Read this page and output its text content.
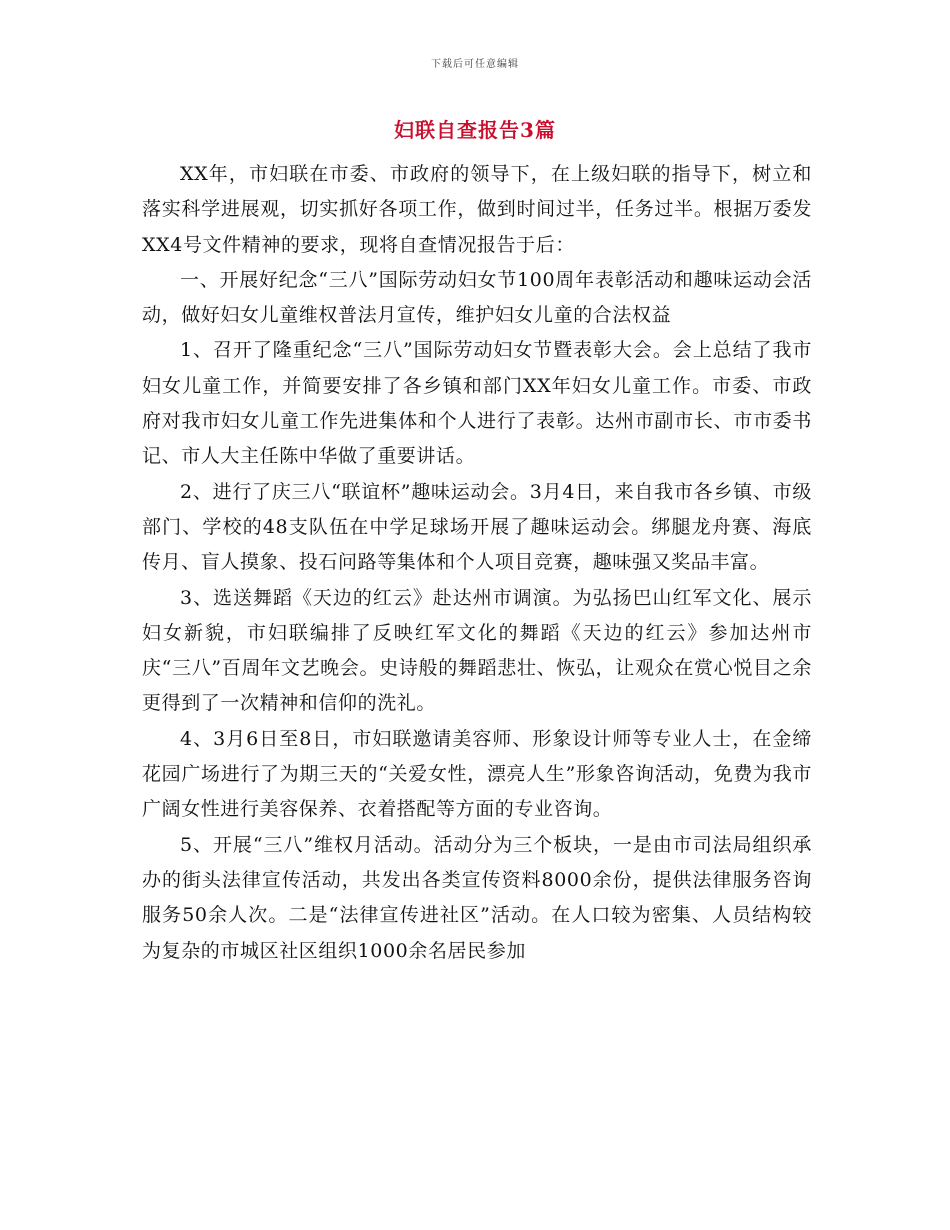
下载后可任意编辑
妇联自查报告3篇

XX年，市妇联在市委、市政府的领导下，在上级妇联的指导下，树立和落实科学进展观，切实抓好各项工作，做到时间过半，任务过半。根据万委发XX4号文件精神的要求，现将自查情况报告于后：

一、开展好纪念“三八”国际劳动妇女节100周年表彰活动和趣味运动会活动，做好妇女儿童维权普法月宣传，维护妇女儿童的合法权益

1、召开了隆重纪念“三八”国际劳动妇女节暨表彰大会。会上总结了我市妇女儿童工作，并简要安排了各乡镇和部门XX年妇女儿童工作。市委、市政府对我市妇女儿童工作先进集体和个人进行了表彰。达州市副市长、市市委书记、市人大主任陈中华做了重要讲话。

2、进行了庆三八“联谊杯”趣味运动会。3月4日，来自我市各乡镇、市级部门、学校的48支队伍在中学足球场开展了趣味运动会。绑腿龙舟赛、海底传月、盲人摸象、投石问路等集体和个人项目竞赛，趣味强又奖品丰富。

3、选送舞蹈《天边的红云》赴达州市调演。为弘扬巴山红军文化、展示妇女新貌，市妇联编排了反映红军文化的舞蹈《天边的红云》参加达州市庆“三八”百周年文艺晚会。史诗般的舞蹈悲壮、恢弘，让观众在赏心悦目之余更得到了一次精神和信仰的洗礼。

4、3月6日至8日，市妇联邀请美容师、形象设计师等专业人士，在金缔花园广场进行了为期三天的“关爱女性，漂亮人生”形象咨询活动，免费为我市广阔女性进行美容保养、衣着搭配等方面的专业咨询。

5、开展“三八”维权月活动。活动分为三个板块，一是由市司法局组织承办的街头法律宣传活动，共发出各类宣传资料8000余份，提供法律服务咨询服务50余人次。二是“法律宣传进社区”活动。在人口较为密集、人员结构较为复杂的市城区社区组织1000余名居民参加
